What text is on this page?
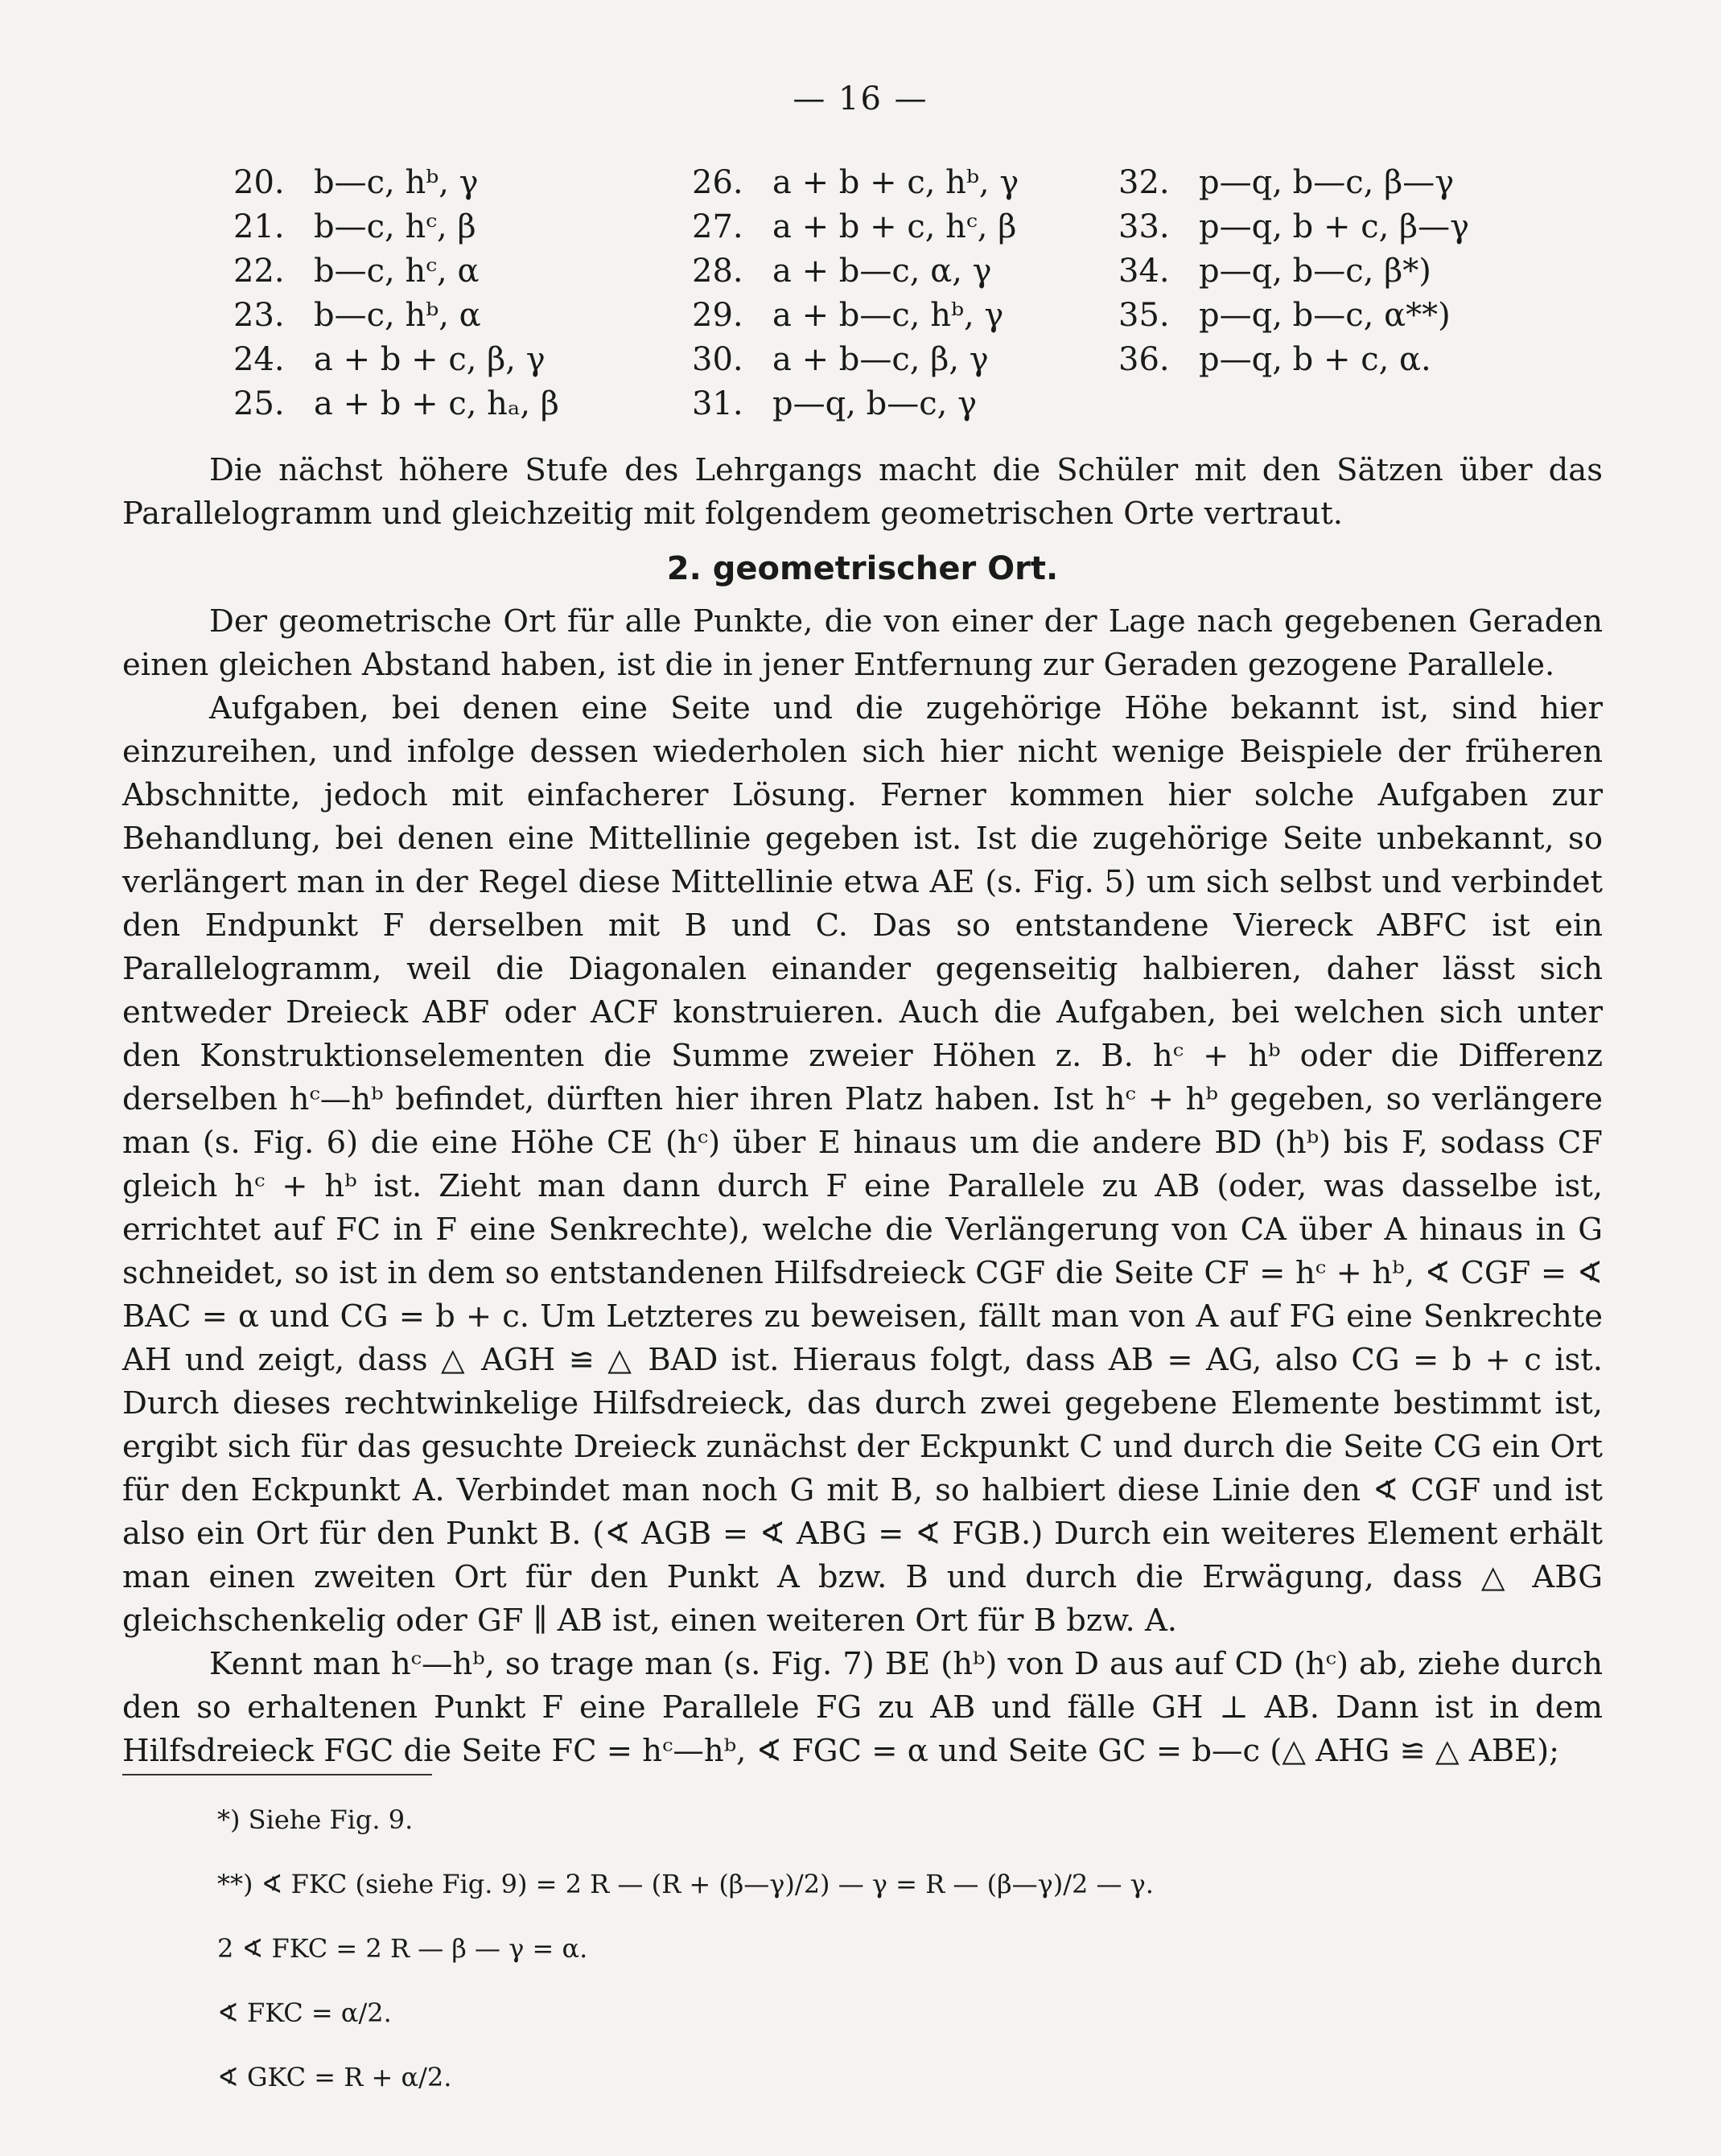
— 16 —
20. b—c, hᵇ, γ	26. a + b + c, hᵇ, γ	32. p—q, b—c, β—γ
21. b—c, hᶜ, β	27. a + b + c, hᶜ, β	33. p—q, b + c, β—γ
22. b—c, hᶜ, α	28. a + b—c, α, γ	34. p—q, b—c, β*)
23. b—c, hᵇ, α	29. a + b—c, hᵇ, γ	35. p—q, b—c, α**)
24. a + b + c, β, γ	30. a + b—c, β, γ	36. p—q, b + c, α.
25. a + b + c, hₐ, β	31. p—q, b—c, γ

Die nächst höhere Stufe des Lehrgangs macht die Schüler mit den Sätzen über das Parallelogramm und gleichzeitig mit folgendem geometrischen Orte vertraut.

2. geometrischer Ort.

Der geometrische Ort für alle Punkte, die von einer der Lage nach gegebenen Geraden einen gleichen Abstand haben, ist die in jener Entfernung zur Geraden gezogene Parallele.

Aufgaben, bei denen eine Seite und die zugehörige Höhe bekannt ist, sind hier einzureihen, und infolge dessen wiederholen sich hier nicht wenige Beispiele der früheren Abschnitte, jedoch mit einfacherer Lösung. Ferner kommen hier solche Aufgaben zur Behandlung, bei denen eine Mittellinie gegeben ist. Ist die zugehörige Seite unbekannt, so verlängert man in der Regel diese Mittellinie etwa AE (s. Fig. 5) um sich selbst und verbindet den Endpunkt F derselben mit B und C. Das so entstandene Viereck ABFC ist ein Parallelogramm, weil die Diagonalen einander gegenseitig halbieren, daher lässt sich entweder Dreieck ABF oder ACF konstruieren. Auch die Aufgaben, bei welchen sich unter den Konstruktionselementen die Summe zweier Höhen z. B. hᶜ + hᵇ oder die Differenz derselben hᶜ—hᵇ befindet, dürften hier ihren Platz haben. Ist hᶜ + hᵇ gegeben, so verlängere man (s. Fig. 6) die eine Höhe CE (hᶜ) über E hinaus um die andere BD (hᵇ) bis F, sodass CF gleich hᶜ + hᵇ ist. Zieht man dann durch F eine Parallele zu AB (oder, was dasselbe ist, errichtet auf FC in F eine Senkrechte), welche die Verlängerung von CA über A hinaus in G schneidet, so ist in dem so entstandenen Hilfsdreieck CGF die Seite CF = hᶜ + hᵇ, ∢ CGF = ∢ BAC = α und CG = b + c. Um Letzteres zu beweisen, fällt man von A auf FG eine Senkrechte AH und zeigt, dass △ AGH ≌ △ BAD ist. Hieraus folgt, dass AB = AG, also CG = b + c ist. Durch dieses rechtwinkelige Hilfsdreieck, das durch zwei gegebene Elemente bestimmt ist, ergibt sich für das gesuchte Dreieck zunächst der Eckpunkt C und durch die Seite CG ein Ort für den Eckpunkt A. Verbindet man noch G mit B, so halbiert diese Linie den ∢ CGF und ist also ein Ort für den Punkt B. (∢ AGB = ∢ ABG = ∢ FGB.) Durch ein weiteres Element erhält man einen zweiten Ort für den Punkt A bzw. B und durch die Erwägung, dass △ ABG gleichschenkelig oder GF ∥ AB ist, einen weiteren Ort für B bzw. A.

Kennt man hᶜ—hᵇ, so trage man (s. Fig. 7) BE (hᵇ) von D aus auf CD (hᶜ) ab, ziehe durch den so erhaltenen Punkt F eine Parallele FG zu AB und fälle GH ⊥ AB. Dann ist in dem Hilfsdreieck FGC die Seite FC = hᶜ—hᵇ, ∢ FGC = α und Seite GC = b—c (△ AHG ≌ △ ABE);

*) Siehe Fig. 9.
**) ∢ FKC (siehe Fig. 9) = 2 R — (R + (β—γ)/2) — γ = R — (β—γ)/2 — γ.
2 ∢ FKC = 2 R — β — γ = α.
∢ FKC = α/2.
∢ GKC = R + α/2.
